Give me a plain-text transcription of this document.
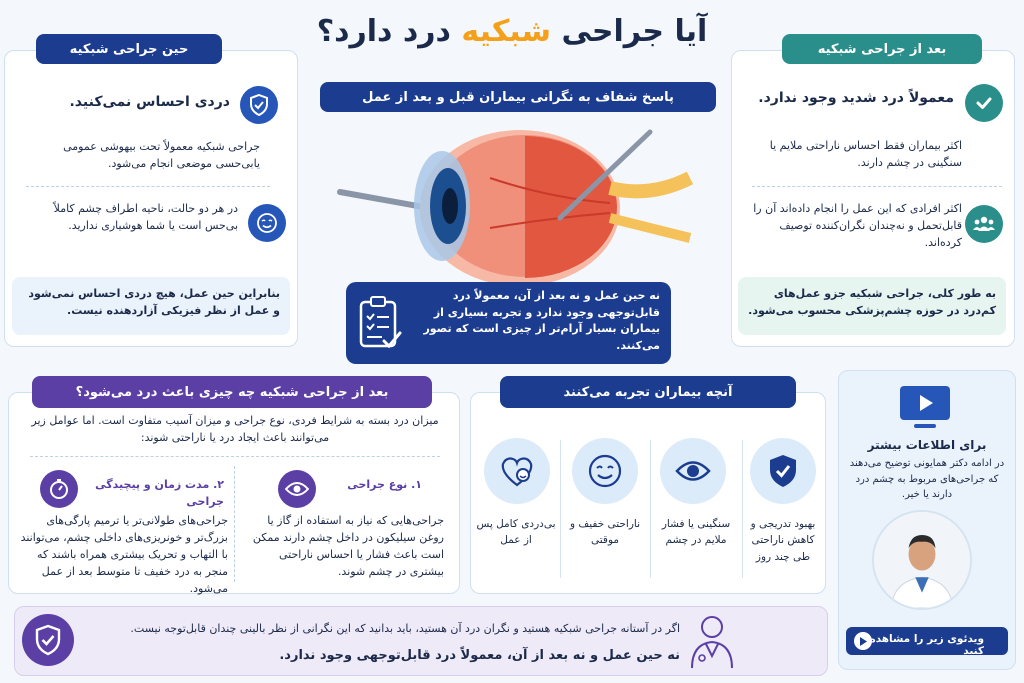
آیا جراحی شبکیه درد دارد؟
پاسخ شفاف به نگرانی بیماران قبل و بعد از عمل
بعد از جراحی شبکیه
معمولاً درد شدید وجود ندارد.
اکثر بیماران فقط احساس ناراحتی ملایم یا سنگینی در چشم دارند.
اکثر افرادی که این عمل را انجام داده‌اند آن را قابل‌تحمل و نه‌چندان نگران‌کننده توصیف کرده‌اند.
به طور کلی، جراحی شبکیه جزو عمل‌های کم‌درد در حوزه چشم‌پزشکی محسوب می‌شود.
حین جراحی شبکیه
دردی احساس نمی‌کنید.
جراحی شبکیه معمولاً تحت بیهوشی عمومی یا‌بی‌حسی موضعی انجام می‌شود.
در هر دو حالت، ناحیه اطراف چشم کاملاً بی‌حس است یا شما هوشیاری ندارید.
بنابراین حین عمل، هیچ دردی احساس نمی‌شود و عمل از نظر فیزیکی آزاردهنده نیست.
نه حین عمل و نه بعد از آن، معمولاً درد قابل‌توجهی وجود ندارد و تجربه بسیاری از بیماران بسیار آرام‌تر از چیزی است که تصور می‌کنند.
بعد از جراحی شبکیه چه چیزی باعث درد می‌شود؟
میزان درد بسته به شرایط فردی، نوع جراحی و میزان آسیب متفاوت است. اما عوامل زیر می‌توانند باعث ایجاد درد یا ناراحتی شوند:
۱. نوع جراحی
جراحی‌هایی که نیاز به استفاده از گاز یا روغن سیلیکون در داخل چشم دارند ممکن است باعث فشار یا احساس ناراحتی بیشتری در چشم شوند.
۲. مدت زمان و پیچیدگی جراحی
جراحی‌های طولانی‌تر یا ترمیم پارگی‌های بزرگ‌تر و خونریزی‌های داخلی چشم، می‌توانند با التهاب و تحریک بیشتری همراه باشند که منجر به درد خفیف تا متوسط بعد از عمل می‌شود.
آنچه بیماران تجربه می‌کنند
بهبود تدریجی و کاهش ناراحتی طی چند روز
سنگینی یا فشار ملایم در چشم
ناراحتی خفیف و موقتی
بی‌دردی کامل پس از عمل
برای اطلاعات بیشتر
در ادامه دکتر همایونی توضیح می‌دهند که جراحی‌های مربوط به چشم درد دارند یا خیر.
ویدئوی زیر را مشاهده کنید
اگر در آستانه جراحی شبکیه هستید و نگران درد آن هستید، باید بدانید که این نگرانی از نظر بالینی چندان قابل‌توجه نیست.
نه حین عمل و نه بعد از آن، معمولاً درد قابل‌توجهی وجود ندارد.
